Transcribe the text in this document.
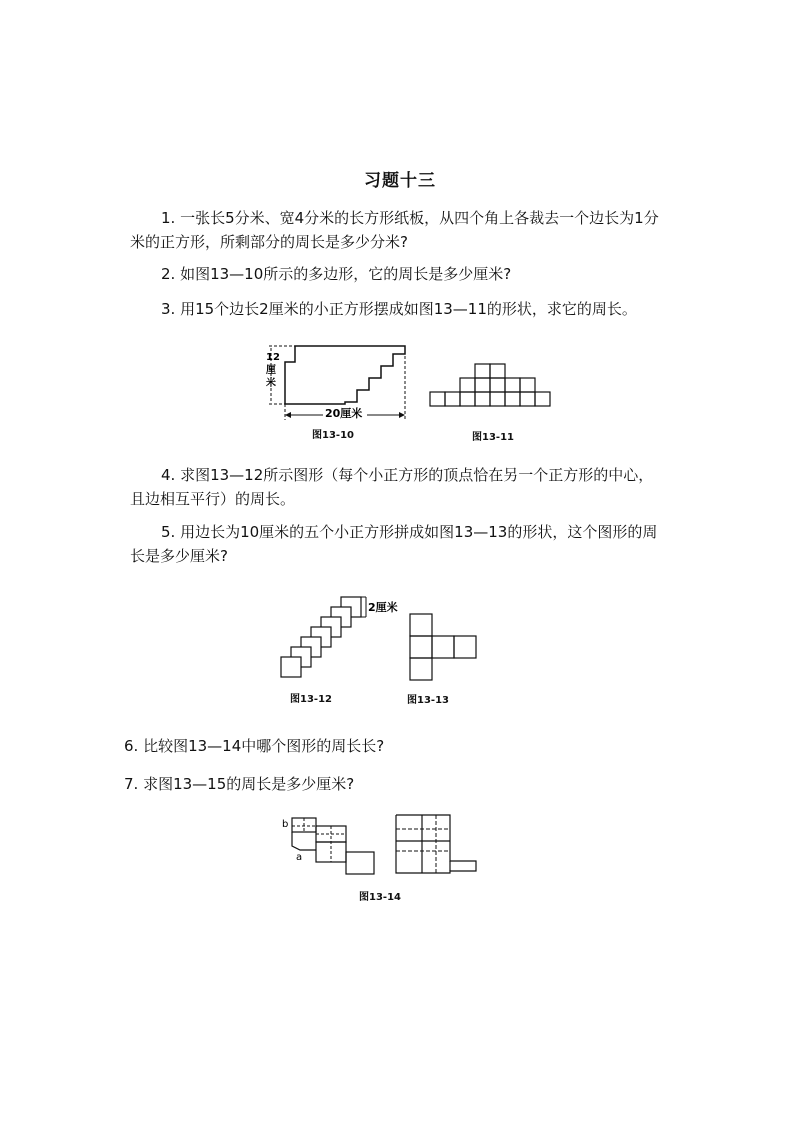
习题十三
1. 一张长5分米、宽4分米的长方形纸板，从四个角上各裁去一个边长为1分
米的正方形，所剩部分的周长是多少分米?
2. 如图13—10所示的多边形，它的周长是多少厘米?
3. 用15个边长2厘米的小正方形摆成如图13—11的形状，求它的周长。
12 厘米
20厘米
图13-10	图13-11
4. 求图13—12所示图形（每个小正方形的顶点恰在另一个正方形的中心，
且边相互平行）的周长。
5. 用边长为10厘米的五个小正方形拼成如图13—13的形状，这个图形的周
长是多少厘米?
2厘米
图13-12	图13-13
6. 比较图13—14中哪个图形的周长长?
7. 求图13—15的周长是多少厘米?
b
a
图13-14
